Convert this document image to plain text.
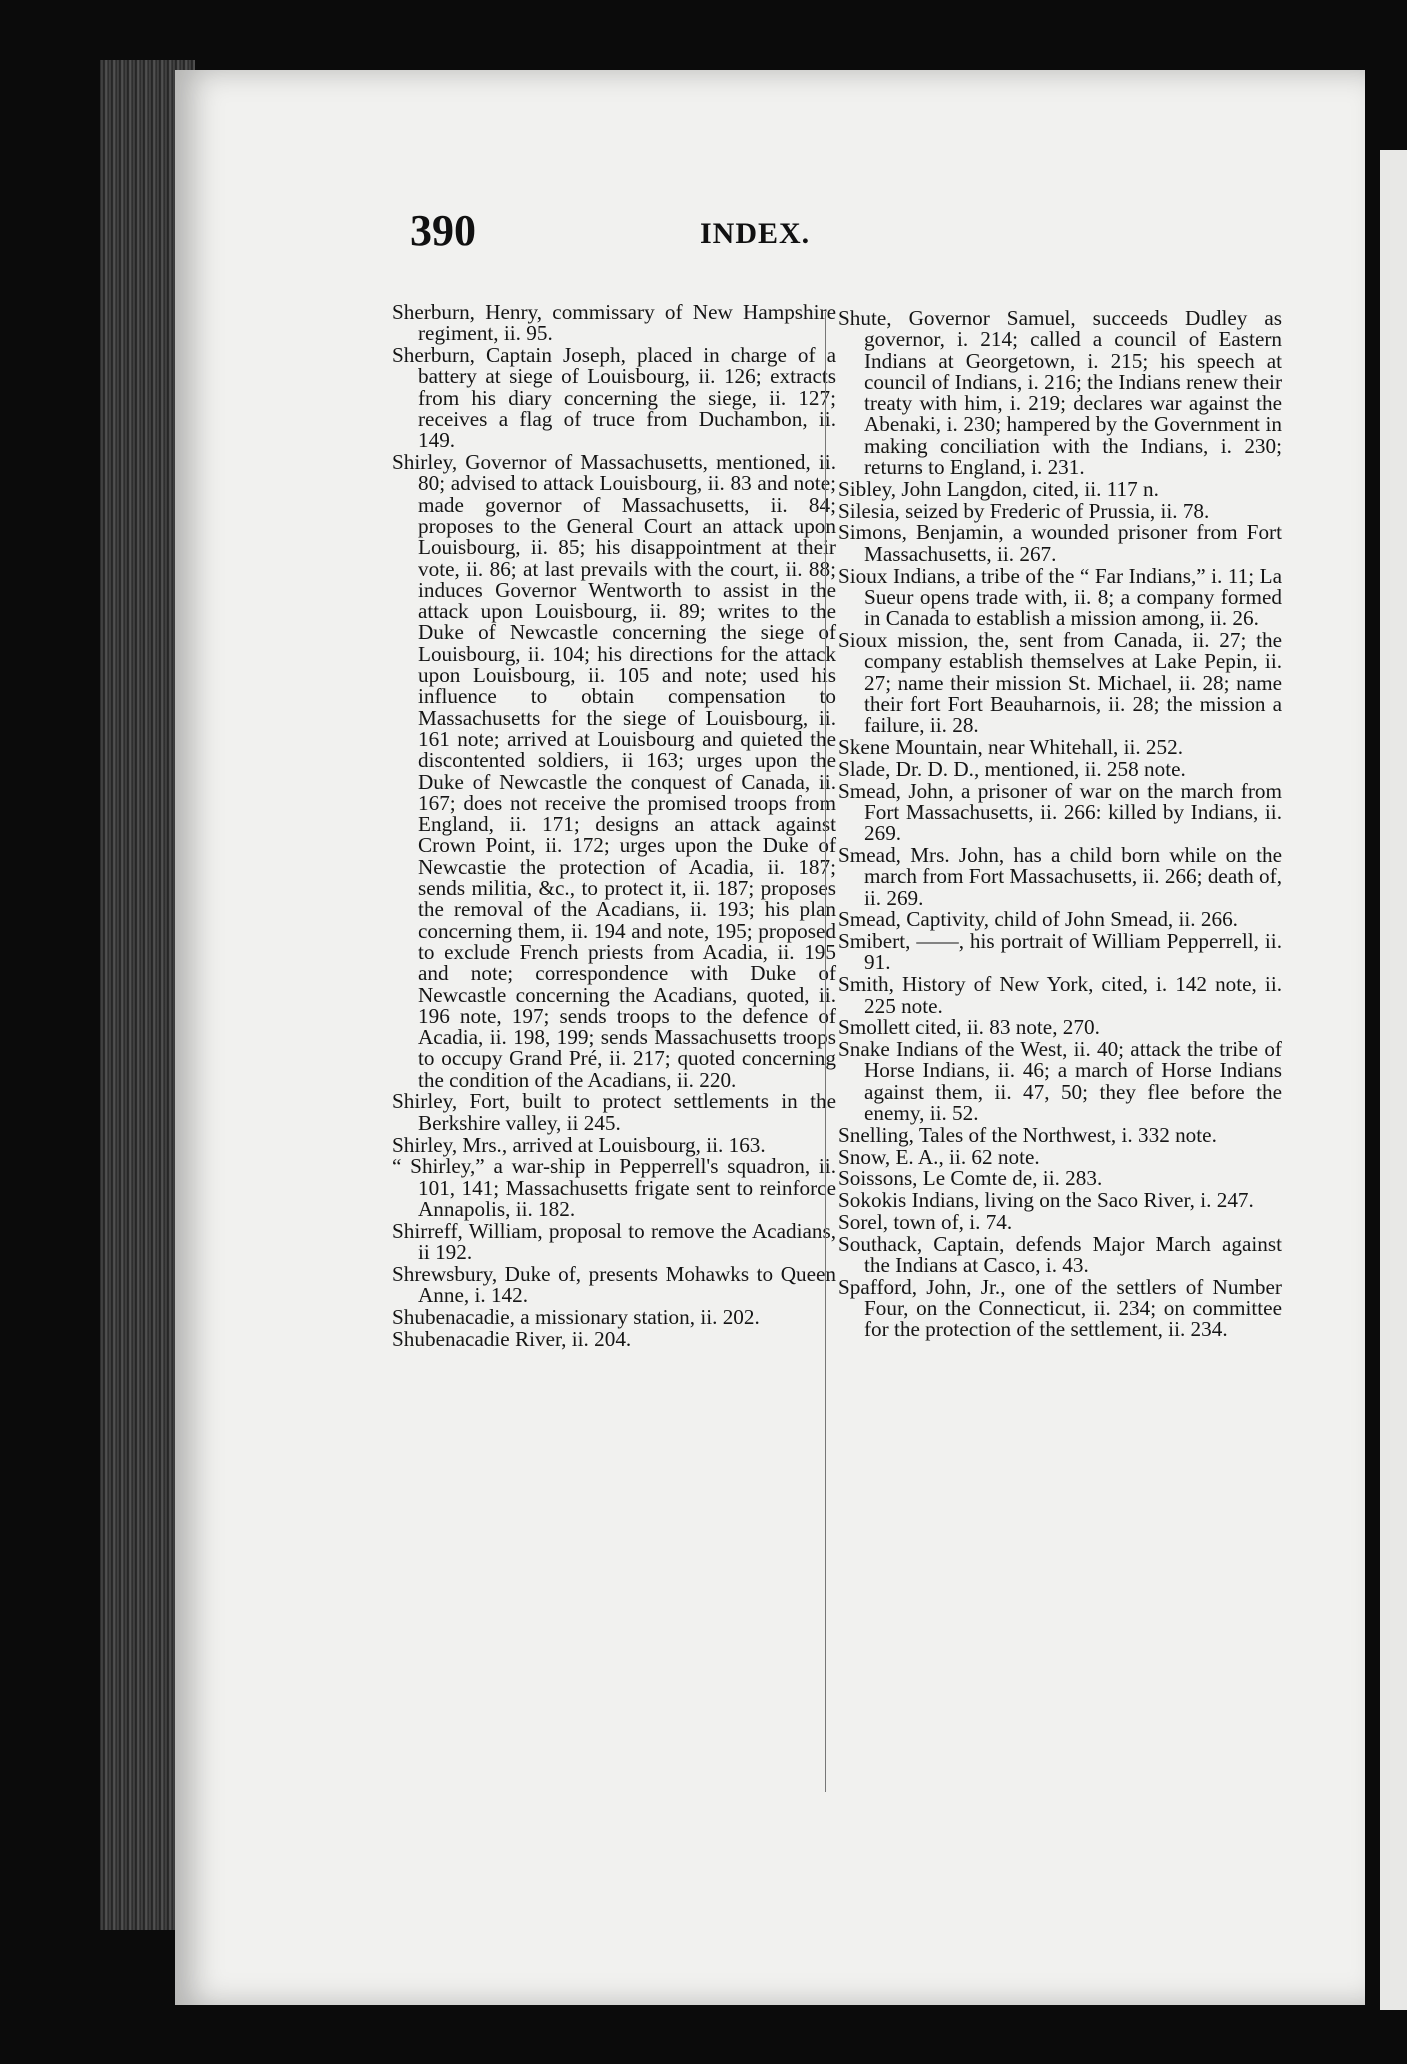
390	INDEX.

Sherburn, Henry, commissary of New Hampshire regiment, ii. 95.

Sherburn, Captain Joseph, placed in charge of a battery at siege of Louisbourg, ii. 126; extracts from his diary concerning the siege, ii. 127; receives a flag of truce from Duchambon, ii. 149.

Shirley, Governor of Massachusetts, mentioned, ii. 80; advised to attack Louisbourg, ii. 83 and note; made governor of Massachusetts, ii. 84; proposes to the General Court an attack upon Louisbourg, ii. 85; his disappointment at their vote, ii. 86; at last prevails with the court, ii. 88; induces Governor Wentworth to assist in the attack upon Louisbourg, ii. 89; writes to the Duke of Newcastle concerning the siege of Louisbourg, ii. 104; his directions for the attack upon Louisbourg, ii. 105 and note; used his influence to obtain compensation to Massachusetts for the siege of Louisbourg, ii. 161 note; arrived at Louisbourg and quieted the discontented soldiers, ii 163; urges upon the Duke of Newcastle the conquest of Canada, ii. 167; does not receive the promised troops from England, ii. 171; designs an attack against Crown Point, ii. 172; urges upon the Duke of Newcastie the protection of Acadia, ii. 187; sends militia, &c., to protect it, ii. 187; proposes the removal of the Acadians, ii. 193; his plan concerning them, ii. 194 and note, 195; proposed to exclude French priests from Acadia, ii. 195 and note; correspondence with Duke of Newcastle concerning the Acadians, quoted, ii. 196 note, 197; sends troops to the defence of Acadia, ii. 198, 199; sends Massachusetts troops to occupy Grand Pré, ii. 217; quoted concerning the condition of the Acadians, ii. 220.

Shirley, Fort, built to protect settlements in the Berkshire valley, ii 245.

Shirley, Mrs., arrived at Louisbourg, ii. 163.

“ Shirley,” a war-ship in Pepperrell's squadron, ii. 101, 141; Massachusetts frigate sent to reinforce Annapolis, ii. 182.

Shirreff, William, proposal to remove the Acadians, ii 192.

Shrewsbury, Duke of, presents Mohawks to Queen Anne, i. 142.

Shubenacadie, a missionary station, ii. 202.

Shubenacadie River, ii. 204.

Shute, Governor Samuel, succeeds Dudley as governor, i. 214; called a council of Eastern Indians at Georgetown, i. 215; his speech at council of Indians, i. 216; the Indians renew their treaty with him, i. 219; declares war against the Abenaki, i. 230; hampered by the Government in making conciliation with the Indians, i. 230; returns to England, i. 231.

Sibley, John Langdon, cited, ii. 117 n.

Silesia, seized by Frederic of Prussia, ii. 78.

Simons, Benjamin, a wounded prisoner from Fort Massachusetts, ii. 267.

Sioux Indians, a tribe of the “ Far Indians,” i. 11; La Sueur opens trade with, ii. 8; a company formed in Canada to establish a mission among, ii. 26.

Sioux mission, the, sent from Canada, ii. 27; the company establish themselves at Lake Pepin, ii. 27; name their mission St. Michael, ii. 28; name their fort Fort Beauharnois, ii. 28; the mission a failure, ii. 28.

Skene Mountain, near Whitehall, ii. 252.

Slade, Dr. D. D., mentioned, ii. 258 note.

Smead, John, a prisoner of war on the march from Fort Massachusetts, ii. 266: killed by Indians, ii. 269.

Smead, Mrs. John, has a child born while on the march from Fort Massachusetts, ii. 266; death of, ii. 269.

Smead, Captivity, child of John Smead, ii. 266.

Smibert, ——, his portrait of William Pepperrell, ii. 91.

Smith, History of New York, cited, i. 142 note, ii. 225 note.

Smollett cited, ii. 83 note, 270.

Snake Indians of the West, ii. 40; attack the tribe of Horse Indians, ii. 46; a march of Horse Indians against them, ii. 47, 50; they flee before the enemy, ii. 52.

Snelling, Tales of the Northwest, i. 332 note.

Snow, E. A., ii. 62 note.

Soissons, Le Comte de, ii. 283.

Sokokis Indians, living on the Saco River, i. 247.

Sorel, town of, i. 74.

Southack, Captain, defends Major March against the Indians at Casco, i. 43.

Spafford, John, Jr., one of the settlers of Number Four, on the Connecticut, ii. 234; on committee for the protection of the settlement, ii. 234.
